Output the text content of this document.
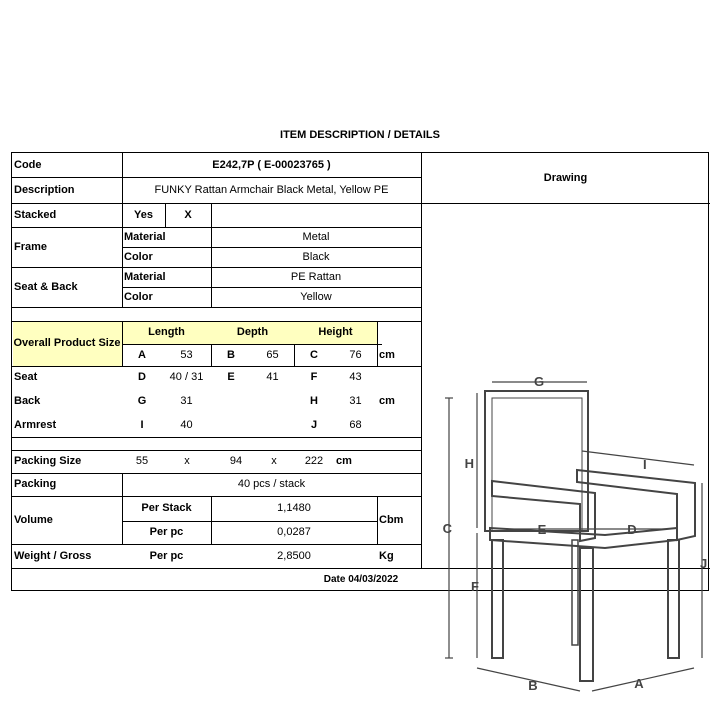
ITEM DESCRIPTION / DETAILS
Code	E242,7P ( E-00023765 )
Drawing
Description	FUNKY Rattan Armchair Black Metal, Yellow PE
Stacked	Yes	X
Frame
Material	Metal
Color	Black
Seat & Back
Material	PE Rattan
Color	Yellow
Overall Product Size
Length	Depth	Height
A	53	B	65	C	76	cm
Seat	D	40 / 31	E	41	F	43
Back	G	31	H	31	cm
Armrest	I	40	J	68
Packing Size	55	x	94	x	222	cm
Packing	40 pcs / stack
Volume
Per Stack	1,1480
Per pc	0,0287
Cbm
Weight / Gross	Per pc	2,8500	Kg
Date 04/03/2022
G
H	I
C	E	D
F
J
B	A
